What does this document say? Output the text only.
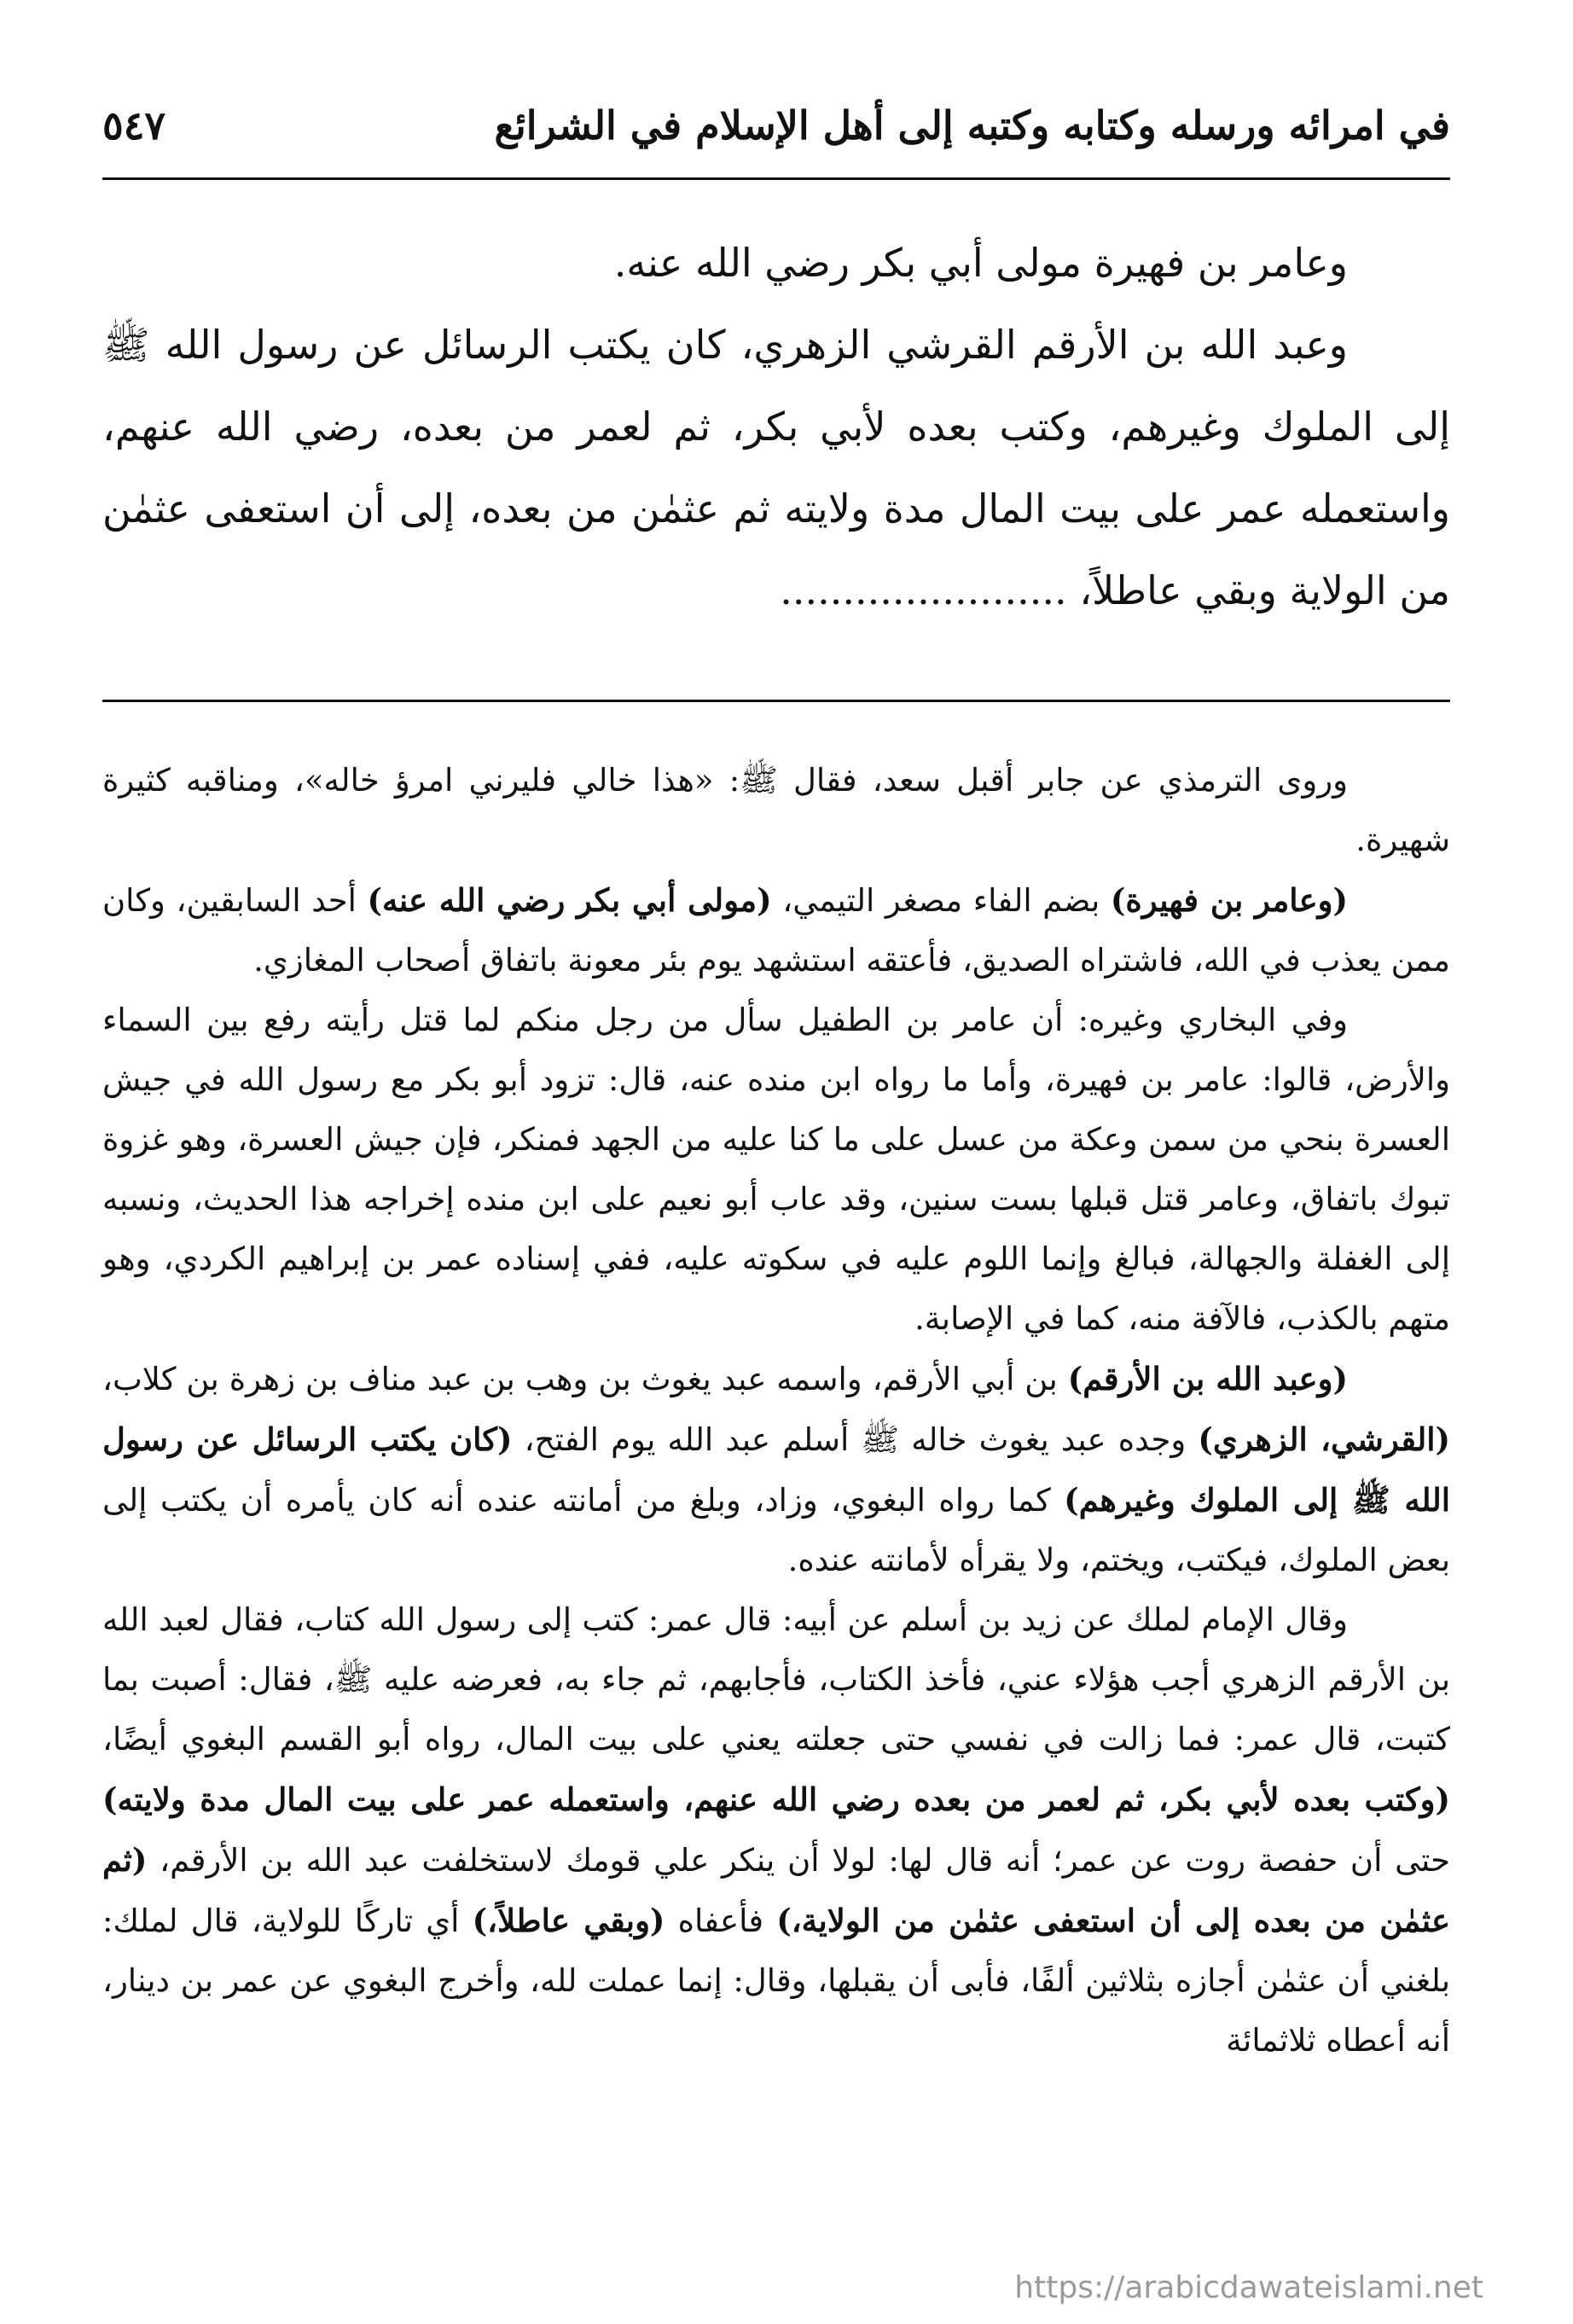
في امرائه ورسله وكتابه وكتبه إلى أهل الإسلام في الشرائع
٥٤٧

وعامر بن فهيرة مولى أبي بكر رضي الله عنه.

وعبد الله بن الأرقم القرشي الزهري، كان يكتب الرسائل عن رسول الله ﷺ إلى الملوك وغيرهم، وكتب بعده لأبي بكر، ثم لعمر من بعده، رضي الله عنهم، واستعمله عمر على بيت المال مدة ولايته ثم عثمٰن من بعده، إلى أن استعفى عثمٰن من الولاية وبقي عاطلاً، .......................

وروى الترمذي عن جابر أقبل سعد، فقال ﷺ: «هذا خالي فليرني امرؤ خاله»، ومناقبه كثيرة شهيرة.

(وعامر بن فهيرة) بضم الفاء مصغر التيمي، (مولى أبي بكر رضي الله عنه) أحد السابقين، وكان ممن يعذب في الله، فاشتراه الصديق، فأعتقه استشهد يوم بئر معونة باتفاق أصحاب المغازي.

وفي البخاري وغيره: أن عامر بن الطفيل سأل من رجل منكم لما قتل رأيته رفع بين السماء والأرض، قالوا: عامر بن فهيرة، وأما ما رواه ابن منده عنه، قال: تزود أبو بكر مع رسول الله في جيش العسرة بنحي من سمن وعكة من عسل على ما كنا عليه من الجهد فمنكر، فإن جيش العسرة، وهو غزوة تبوك باتفاق، وعامر قتل قبلها بست سنين، وقد عاب أبو نعيم على ابن منده إخراجه هذا الحديث، ونسبه إلى الغفلة والجهالة، فبالغ وإنما اللوم عليه في سكوته عليه، ففي إسناده عمر بن إبراهيم الكردي، وهو متهم بالكذب، فالآفة منه، كما في الإصابة.

(وعبد الله بن الأرقم) بن أبي الأرقم، واسمه عبد يغوث بن وهب بن عبد مناف بن زهرة بن كلاب، (القرشي، الزهري) وجده عبد يغوث خاله ﷺ أسلم عبد الله يوم الفتح، (كان يكتب الرسائل عن رسول الله ﷺ إلى الملوك وغيرهم) كما رواه البغوي، وزاد، وبلغ من أمانته عنده أنه كان يأمره أن يكتب إلى بعض الملوك، فيكتب، ويختم، ولا يقرأه لأمانته عنده.

وقال الإمام لملك عن زيد بن أسلم عن أبيه: قال عمر: كتب إلى رسول الله كتاب، فقال لعبد الله بن الأرقم الزهري أجب هؤلاء عني، فأخذ الكتاب، فأجابهم، ثم جاء به، فعرضه عليه ﷺ، فقال: أصبت بما كتبت، قال عمر: فما زالت في نفسي حتى جعلته يعني على بيت المال، رواه أبو القسم البغوي أيضًا، (وكتب بعده لأبي بكر، ثم لعمر من بعده رضي الله عنهم، واستعمله عمر على بيت المال مدة ولايته) حتى أن حفصة روت عن عمر؛ أنه قال لها: لولا أن ينكر علي قومك لاستخلفت عبد الله بن الأرقم، (ثم عثمٰن من بعده إلى أن استعفى عثمٰن من الولاية،) فأعفاه (وبقي عاطلاً،) أي تاركًا للولاية، قال لملك: بلغني أن عثمٰن أجازه بثلاثين ألفًا، فأبى أن يقبلها، وقال: إنما عملت لله، وأخرج البغوي عن عمر بن دينار، أنه أعطاه ثلاثمائة

https://arabicdawateislami.net
